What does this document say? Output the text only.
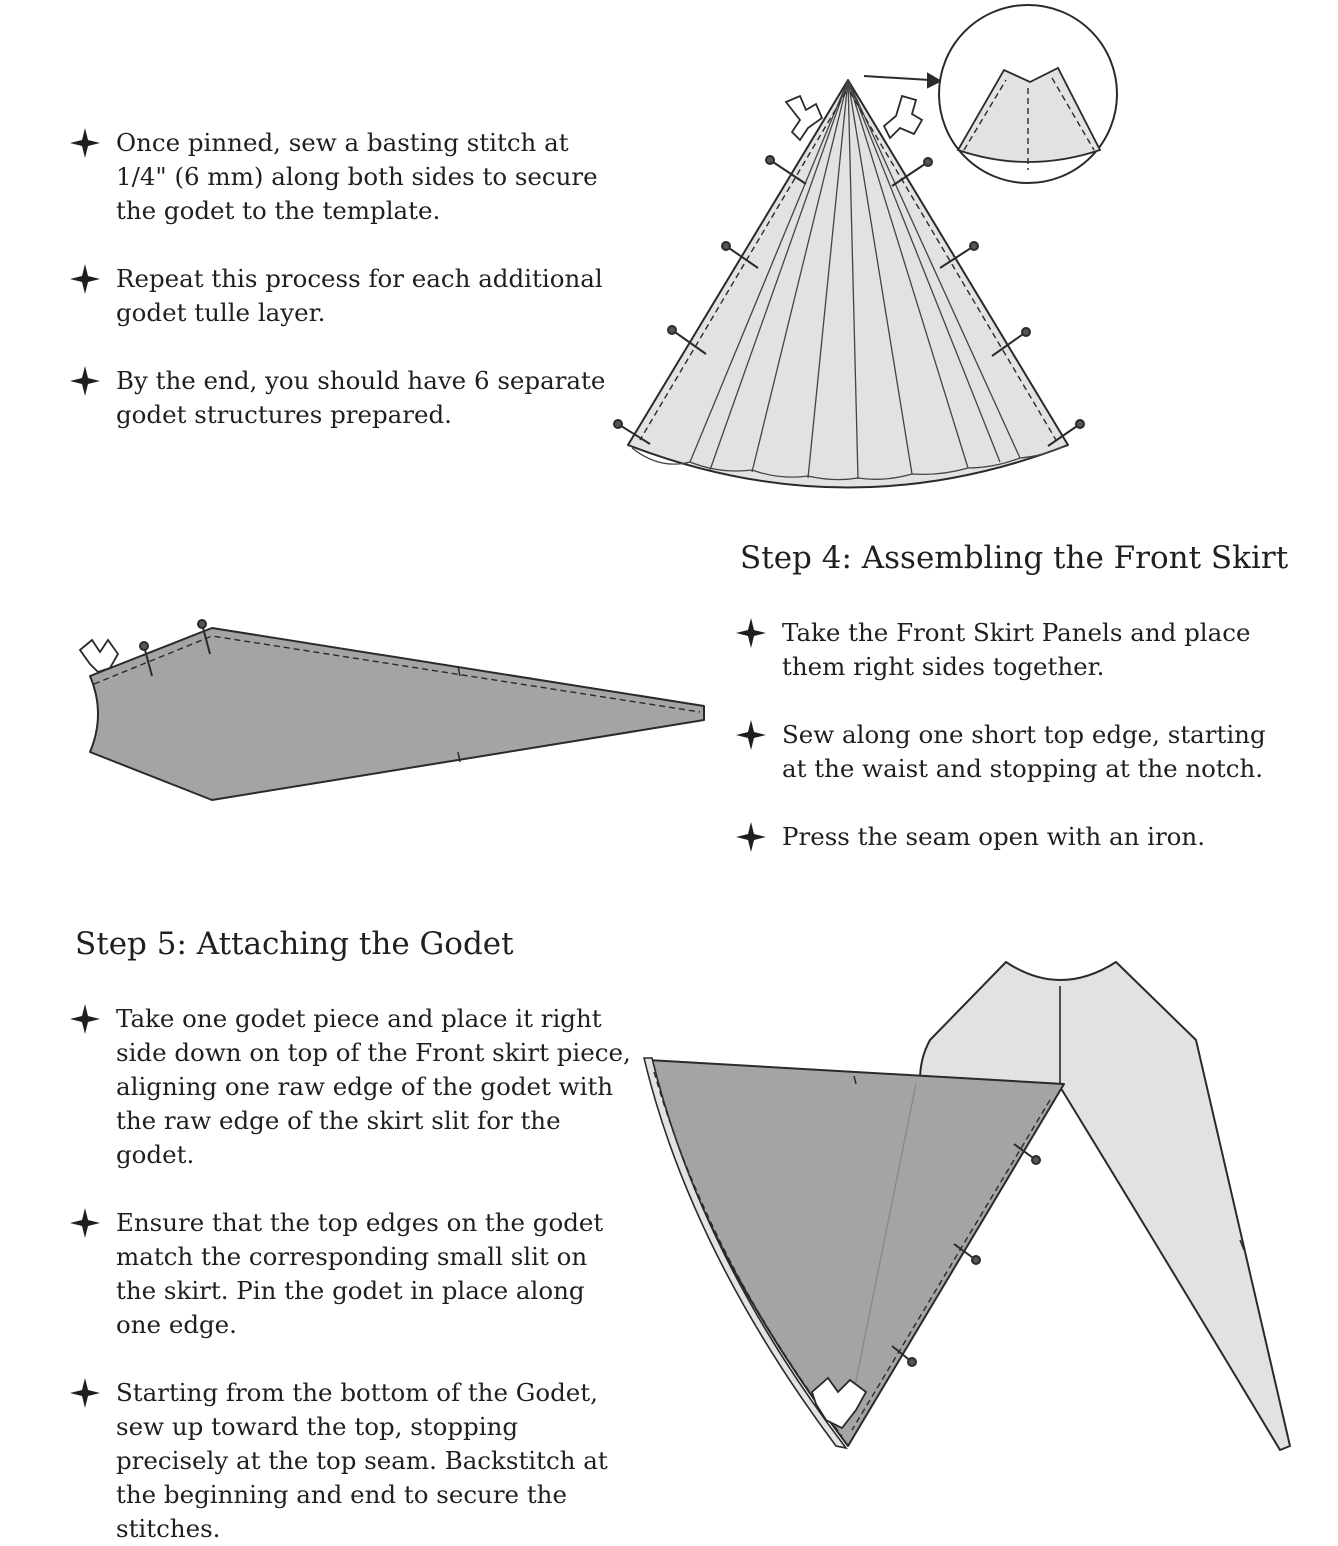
Once pinned, sew a basting stitch at 1/4" (6 mm) along both sides to secure the godet to the template.
Repeat this process for each additional godet tulle layer.
By the end, you should have 6 separate godet structures prepared.
Step 4: Assembling the Front Skirt
Take the Front Skirt Panels and place them right sides together.
Sew along one short top edge, starting at the waist and stopping at the notch.
Press the seam open with an iron.
Step 5: Attaching the Godet
Take one godet piece and place it right side down on top of the Front skirt piece, aligning one raw edge of the godet with the raw edge of the skirt slit for the godet.
Ensure that the top edges on the godet match the corresponding small slit on the skirt. Pin the godet in place along one edge.
Starting from the bottom of the Godet, sew up toward the top, stopping precisely at the top seam. Backstitch at the beginning and end to secure the stitches.
